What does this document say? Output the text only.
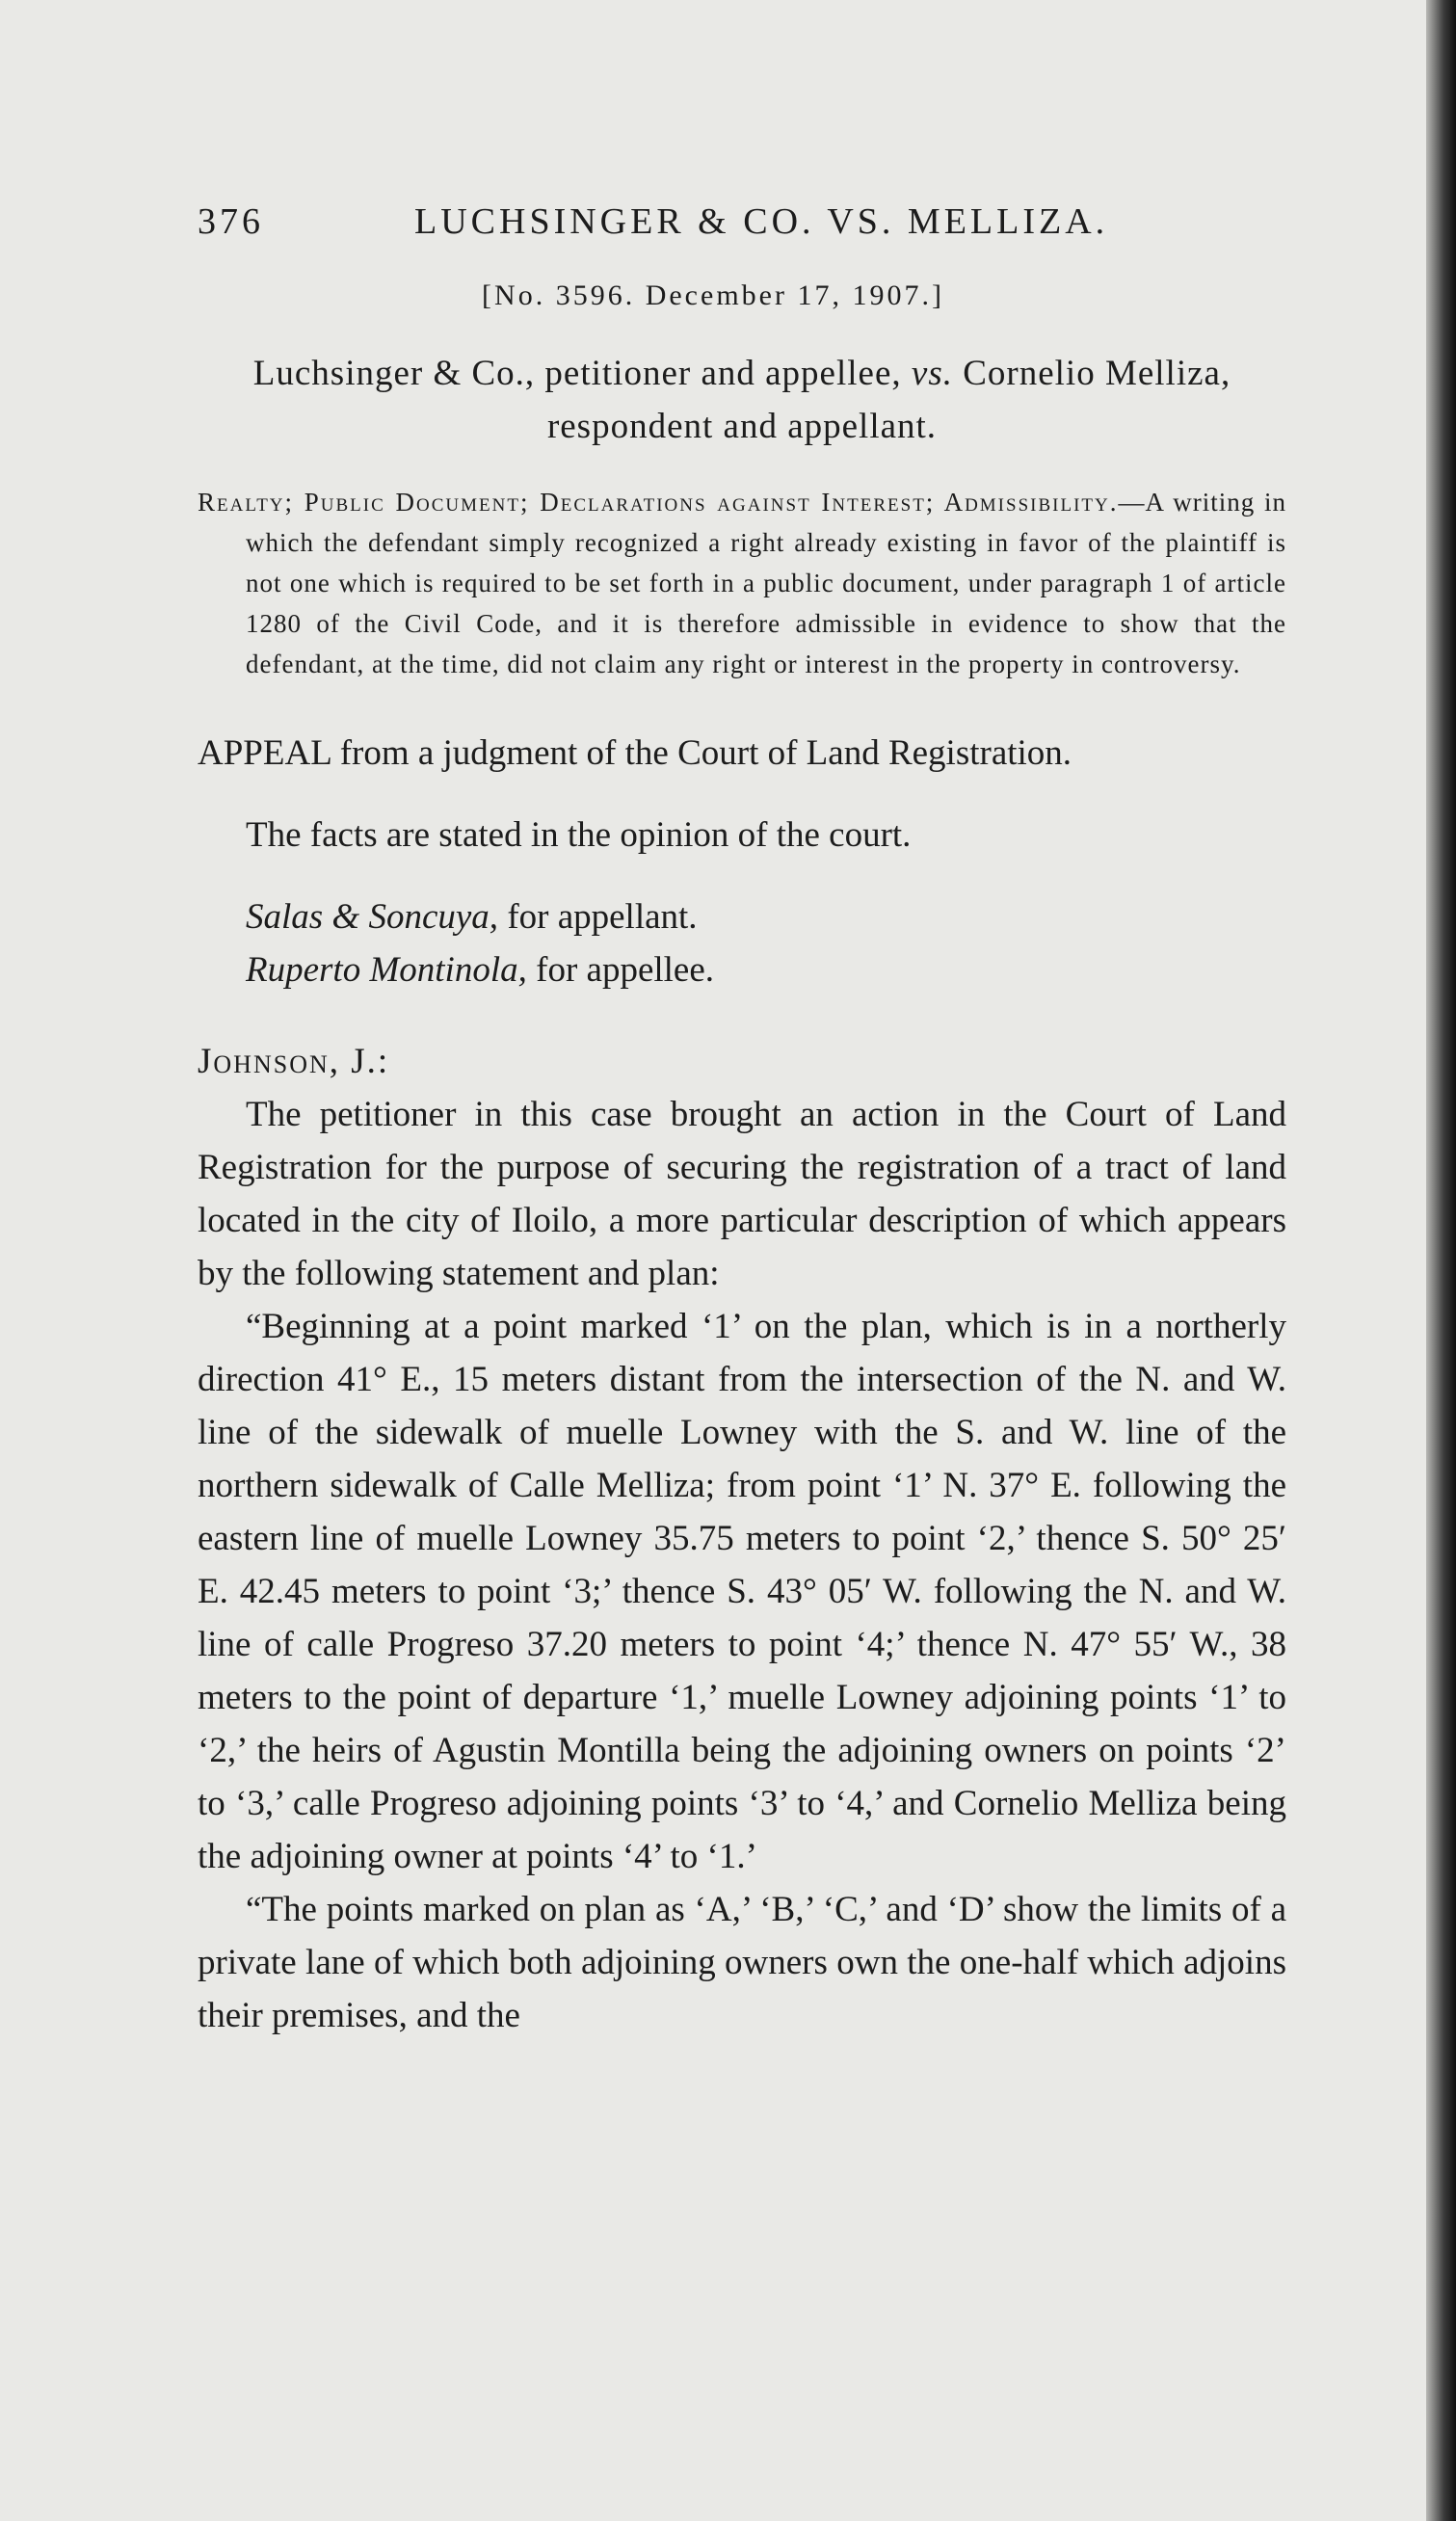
376	LUCHSINGER & CO. VS. MELLIZA.
[No. 3596. December 17, 1907.]

Luchsinger & Co., petitioner and appellee, vs. Cornelio Melliza, respondent and appellant.

Realty; Public Document; Declarations against Interest; Admissibility.—A writing in which the defendant simply recognized a right already existing in favor of the plaintiff is not one which is required to be set forth in a public document, under paragraph 1 of article 1280 of the Civil Code, and it is therefore admissible in evidence to show that the defendant, at the time, did not claim any right or interest in the property in controversy.

APPEAL from a judgment of the Court of Land Registration.

The facts are stated in the opinion of the court.

Salas & Soncuya, for appellant.

Ruperto Montinola, for appellee.

Johnson, J.:

The petitioner in this case brought an action in the Court of Land Registration for the purpose of securing the registration of a tract of land located in the city of Iloilo, a more particular description of which appears by the following statement and plan:

“Beginning at a point marked ‘1’ on the plan, which is in a northerly direction 41° E., 15 meters distant from the intersection of the N. and W. line of the sidewalk of muelle Lowney with the S. and W. line of the northern sidewalk of Calle Melliza; from point ‘1’ N. 37° E. following the eastern line of muelle Lowney 35.75 meters to point ‘2,’ thence S. 50° 25′ E. 42.45 meters to point ‘3;’ thence S. 43° 05′ W. following the N. and W. line of calle Progreso 37.20 meters to point ‘4;’ thence N. 47° 55′ W., 38 meters to the point of departure ‘1,’ muelle Lowney adjoining points ‘1’ to ‘2,’ the heirs of Agustin Montilla being the adjoining owners on points ‘2’ to ‘3,’ calle Progreso adjoining points ‘3’ to ‘4,’ and Cornelio Melliza being the adjoining owner at points ‘4’ to ‘1.’

“The points marked on plan as ‘A,’ ‘B,’ ‘C,’ and ‘D’ show the limits of a private lane of which both adjoining owners own the one-half which adjoins their premises, and the
